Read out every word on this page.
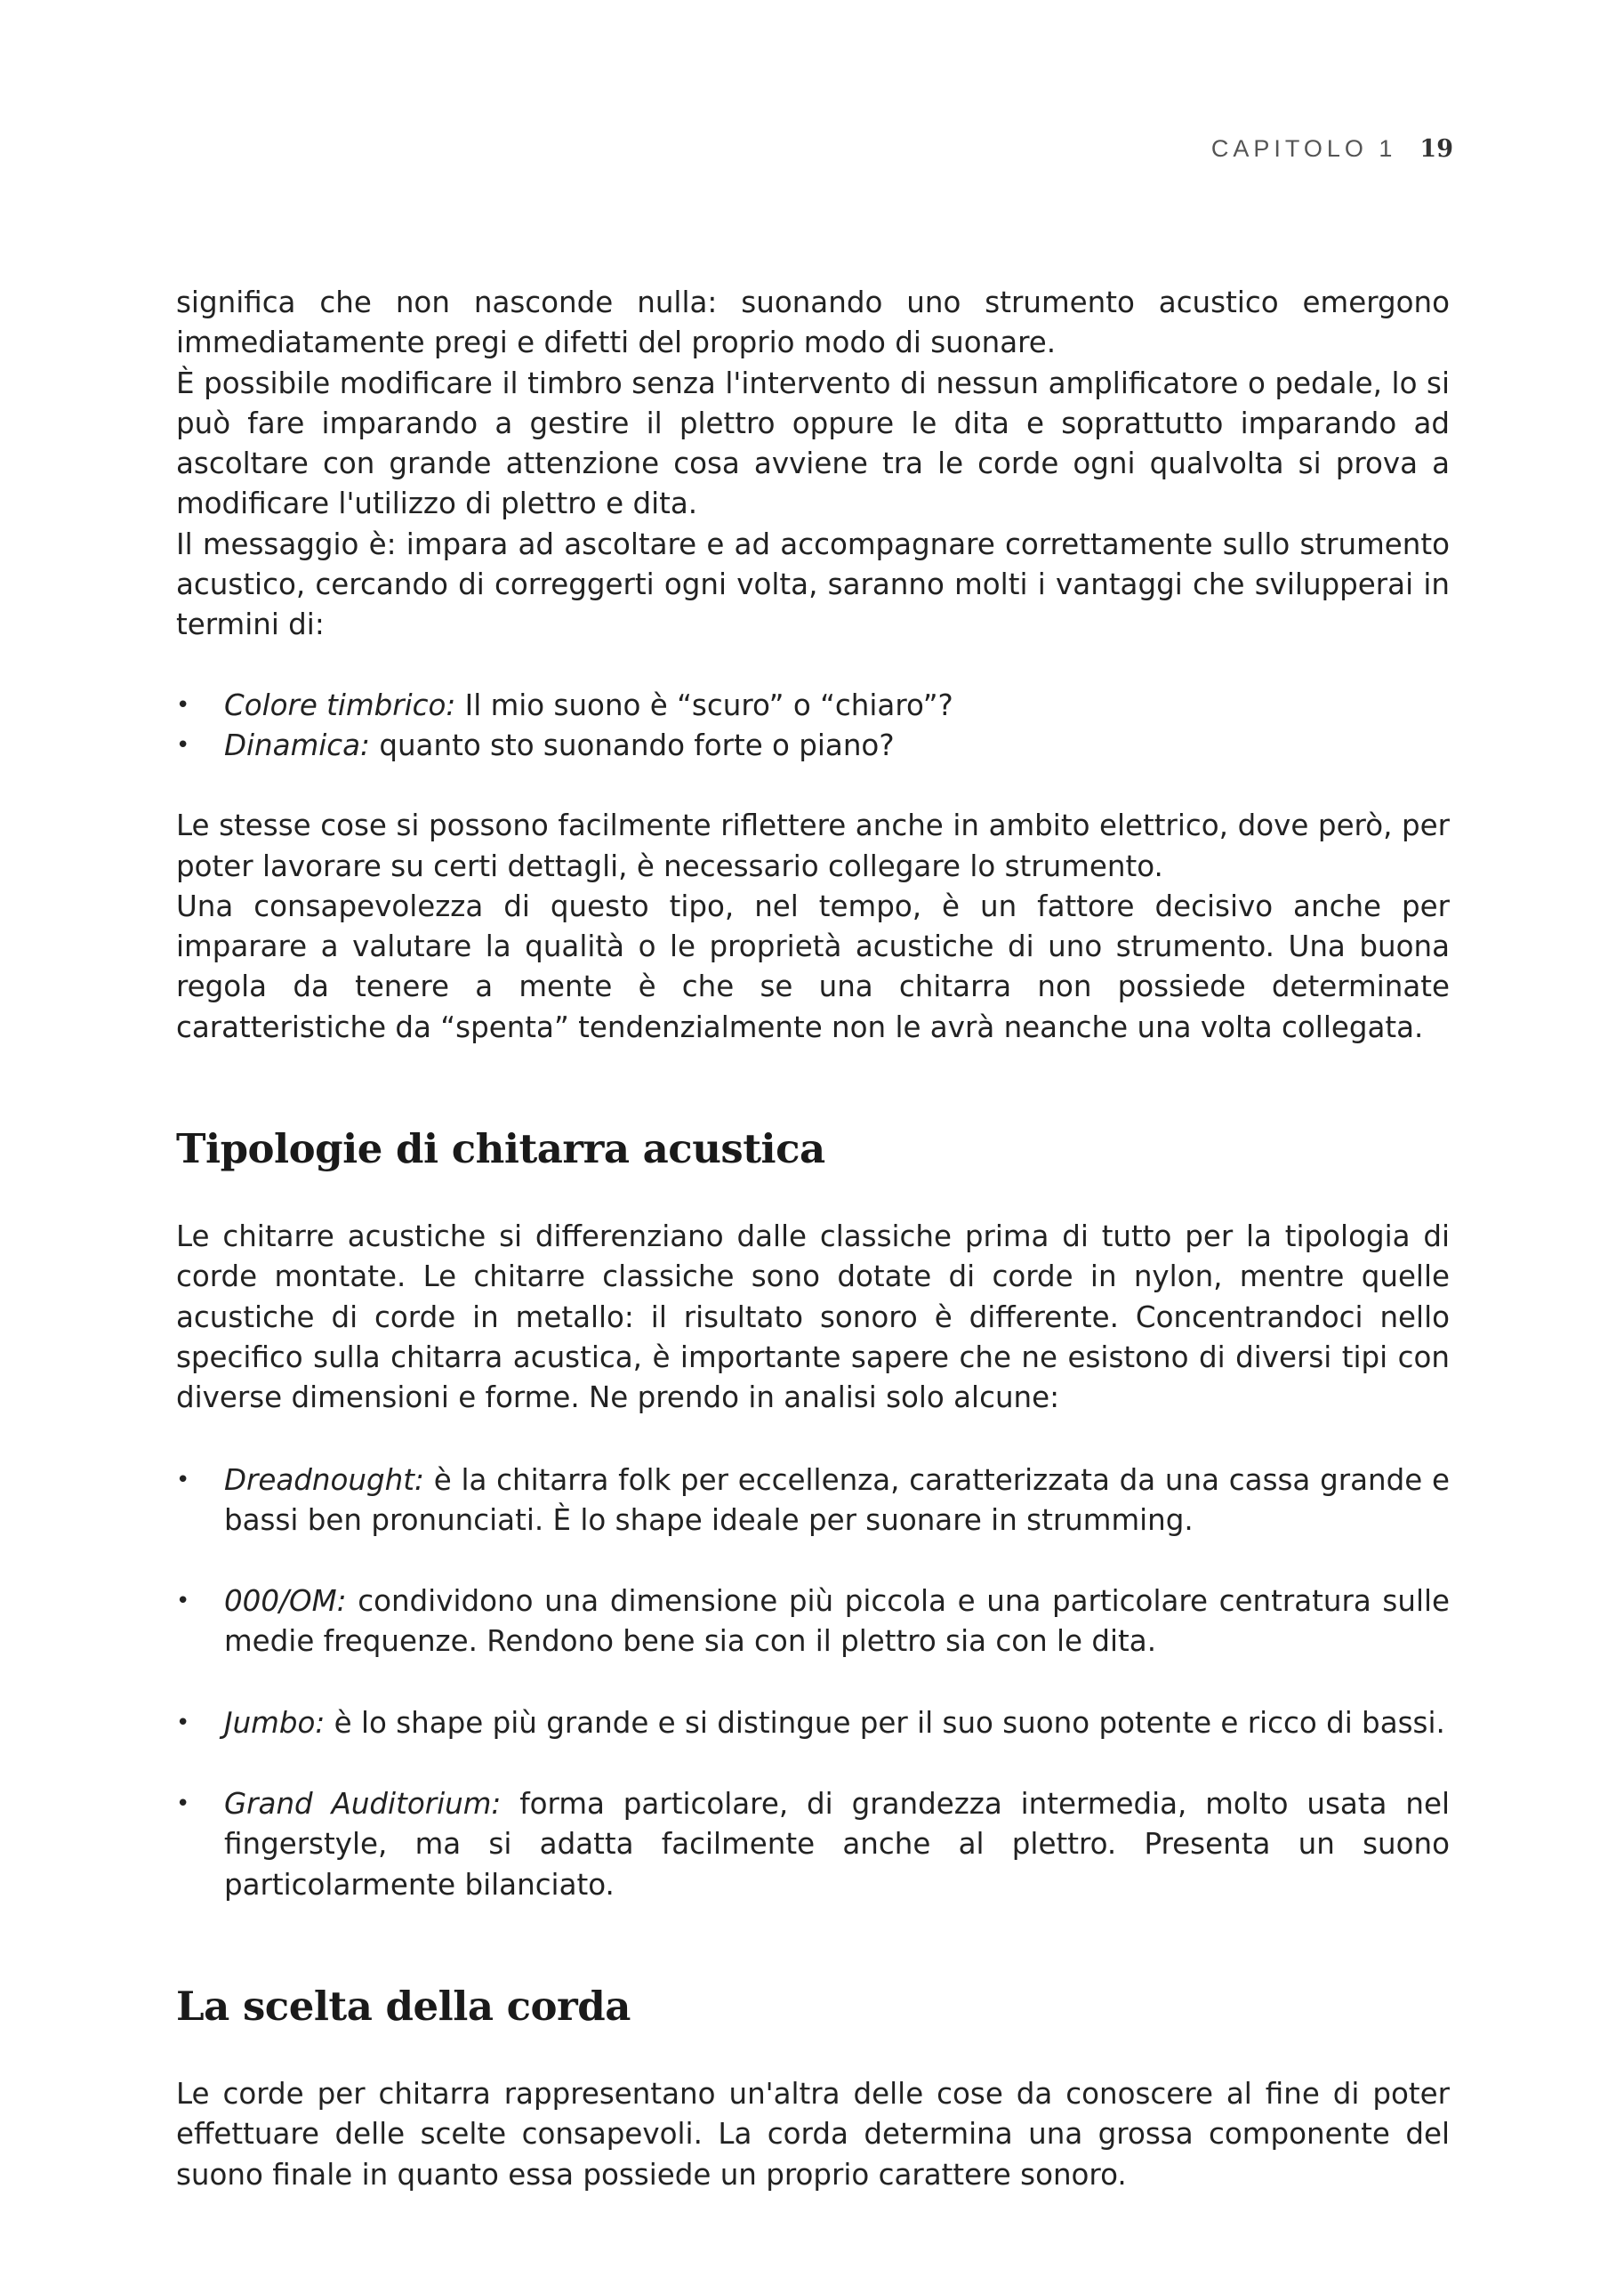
CAPITOLO 1 19

significa che non nasconde nulla: suonando uno strumento acustico emergono immediatamente pregi e difetti del proprio modo di suonare.

È possibile modificare il timbro senza l'intervento di nessun amplificatore o pedale, lo si può fare imparando a gestire il plettro oppure le dita e soprattutto imparando ad ascoltare con grande attenzione cosa avviene tra le corde ogni qualvolta si prova a modificare l'utilizzo di plettro e dita.

Il messaggio è: impara ad ascoltare e ad accompagnare correttamente sullo strumento acustico, cercando di correggerti ogni volta, saranno molti i vantaggi che svilupperai in termini di:

• Colore timbrico: Il mio suono è “scuro” o “chiaro”?
• Dinamica: quanto sto suonando forte o piano?

Le stesse cose si possono facilmente riflettere anche in ambito elettrico, dove però, per poter lavorare su certi dettagli, è necessario collegare lo strumento.

Una consapevolezza di questo tipo, nel tempo, è un fattore decisivo anche per imparare a valutare la qualità o le proprietà acustiche di uno strumento. Una buona regola da tenere a mente è che se una chitarra non possiede determinate caratteristiche da “spenta” tendenzialmente non le avrà neanche una volta collegata.

Tipologie di chitarra acustica

Le chitarre acustiche si differenziano dalle classiche prima di tutto per la tipologia di corde montate. Le chitarre classiche sono dotate di corde in nylon, mentre quelle acustiche di corde in metallo: il risultato sonoro è differente. Concentrandoci nello specifico sulla chitarra acustica, è importante sapere che ne esistono di diversi tipi con diverse dimensioni e forme. Ne prendo in analisi solo alcune:

• Dreadnought: è la chitarra folk per eccellenza, caratterizzata da una cassa grande e bassi ben pronunciati. È lo shape ideale per suonare in strumming.
• 000/OM: condividono una dimensione più piccola e una particolare centratura sulle medie frequenze. Rendono bene sia con il plettro sia con le dita.
• Jumbo: è lo shape più grande e si distingue per il suo suono potente e ricco di bassi.
• Grand Auditorium: forma particolare, di grandezza intermedia, molto usata nel fingerstyle, ma si adatta facilmente anche al plettro. Presenta un suono particolarmente bilanciato.
La scelta della corda

Le corde per chitarra rappresentano un'altra delle cose da conoscere al fine di poter effettuare delle scelte consapevoli. La corda determina una grossa componente del suono finale in quanto essa possiede un proprio carattere sonoro.
